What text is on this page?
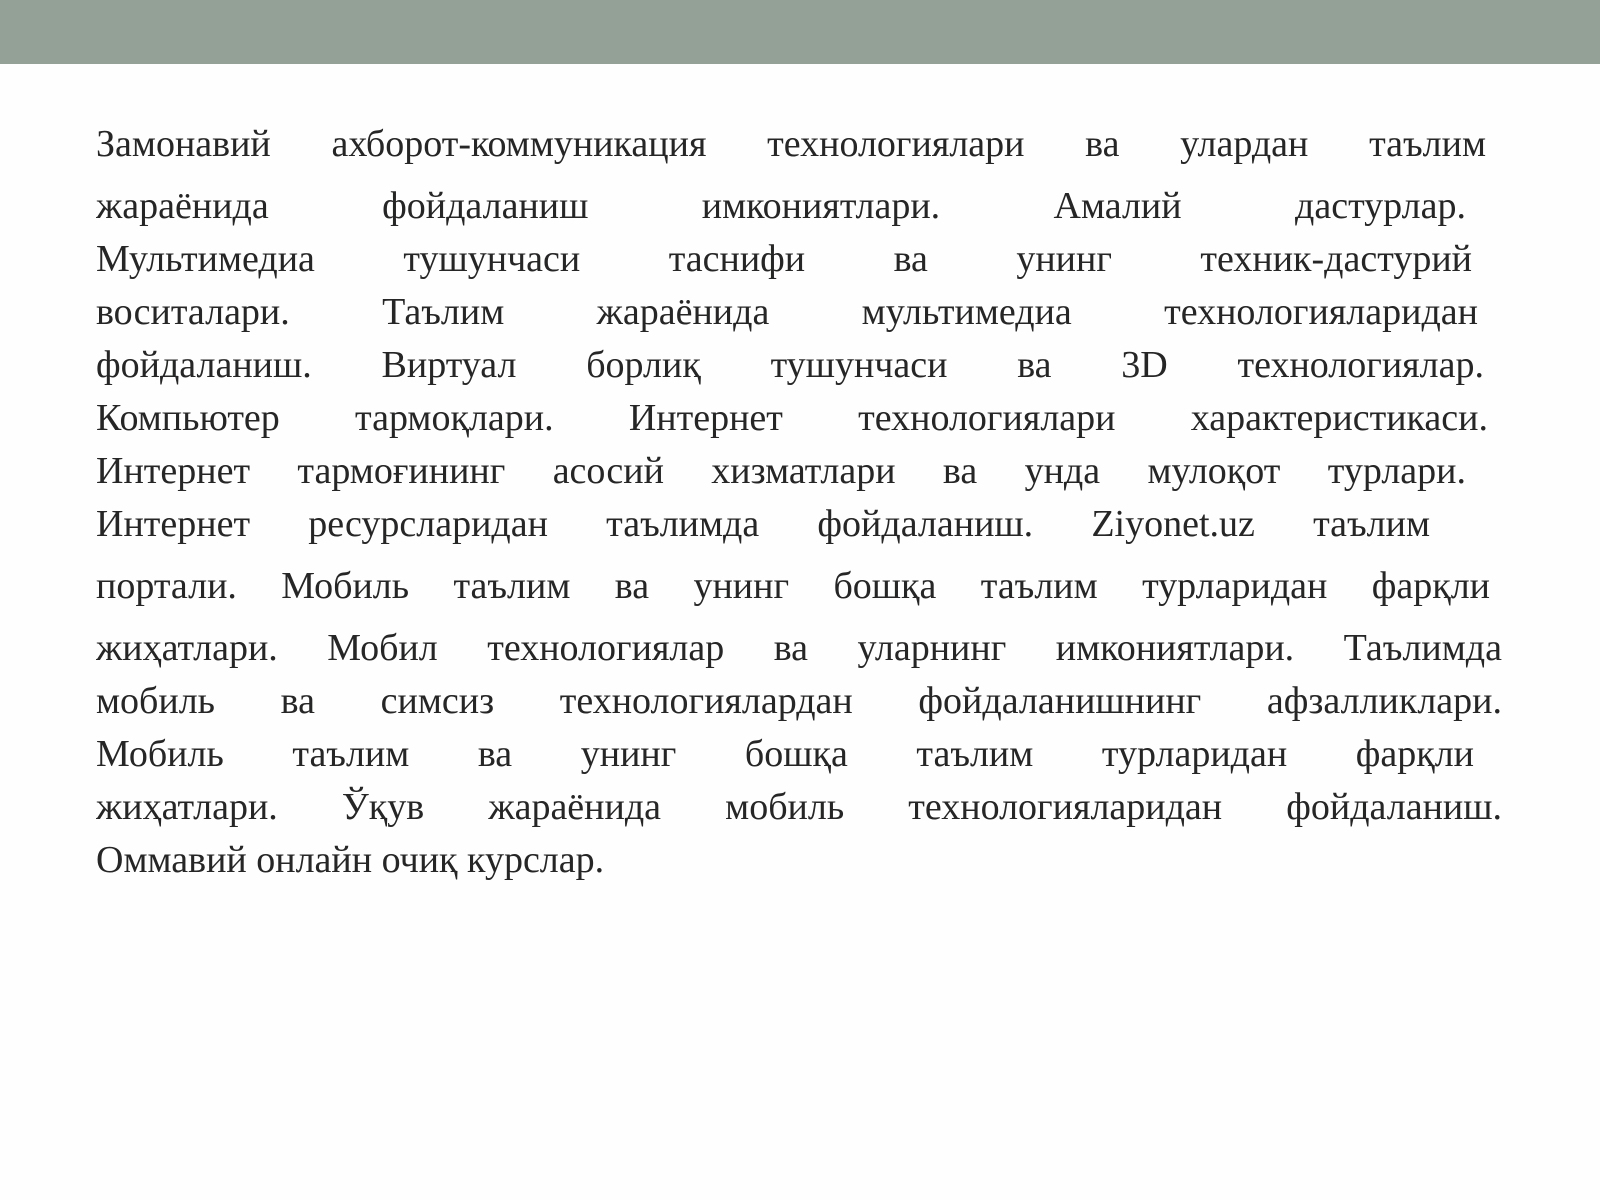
Замонавий ахборот-коммуникация технологиялари ва улардан таълим
жараёнида фойдаланиш имкониятлари. Амалий дастурлар.
Мультимедиа тушунчаси таснифи ва унинг техник-дастурий
воситалари. Таълим жараёнида мультимедиа технологияларидан
фойдаланиш. Виртуал борлиқ тушунчаси ва 3D технологиялар.
Компьютер тармоқлари. Интернет технологиялари характеристикаси.
Интернет тармоғининг асосий хизматлари ва унда мулоқот турлари.
Интернет ресурсларидан таълимда фойдаланиш. Ziyonet.uz таълим
портали. Мобиль таълим ва унинг бошқа таълим турларидан фарқли
жиҳатлари. Мобил технологиялар ва уларнинг имкониятлари. Таълимда
мобиль ва симсиз технологиялардан фойдаланишнинг афзалликлари.
Мобиль таълим ва унинг бошқа таълим турларидан фарқли
жиҳатлари. Ўқув жараёнида мобиль технологияларидан фойдаланиш.
Оммавий онлайн очиқ курслар.
